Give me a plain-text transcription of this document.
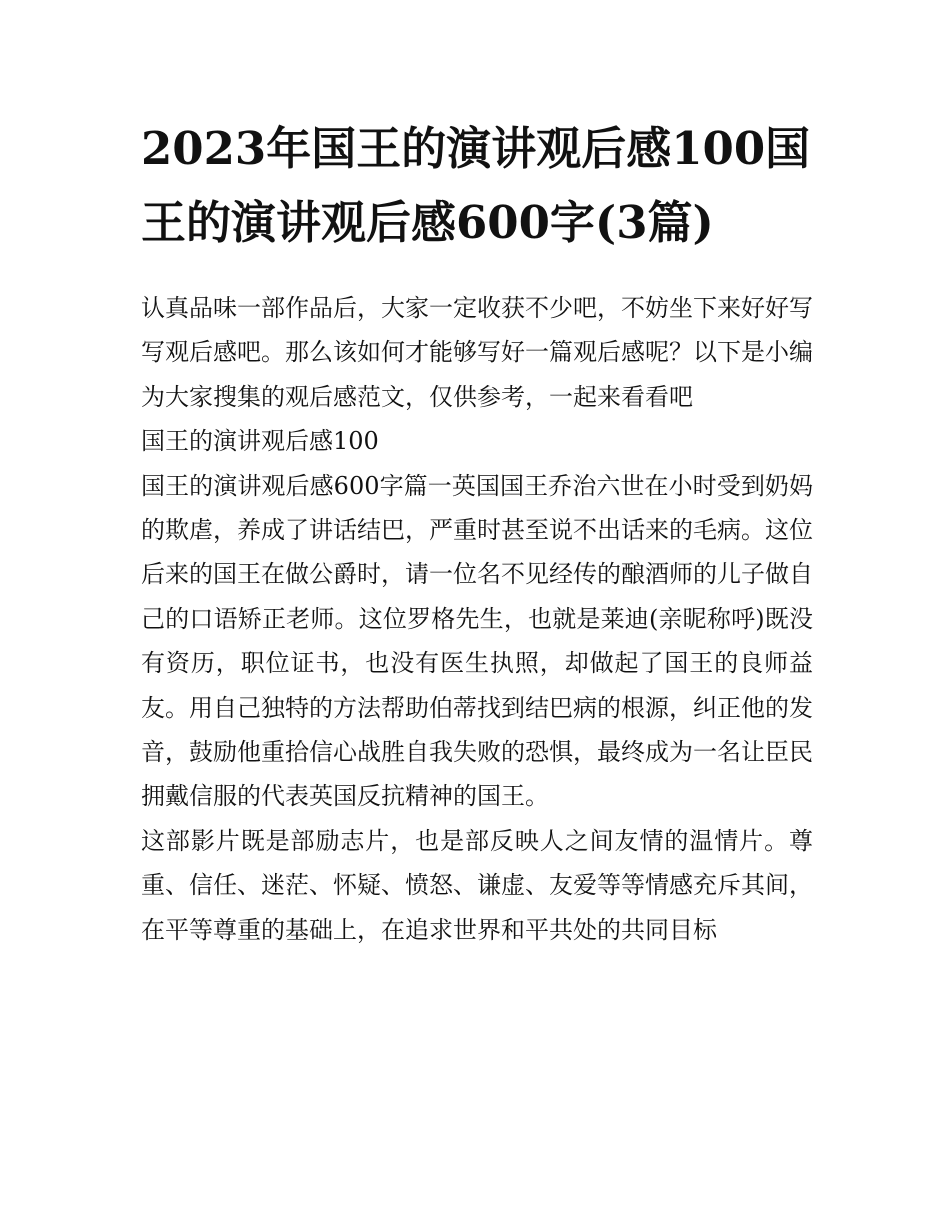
2023年国王的演讲观后感100国王的演讲观后感600字(3篇)

认真品味一部作品后，大家一定收获不少吧，不妨坐下来好好写写观后感吧。那么该如何才能够写好一篇观后感呢？以下是小编为大家搜集的观后感范文，仅供参考，一起来看看吧

国王的演讲观后感100

国王的演讲观后感600字篇一英国国王乔治六世在小时受到奶妈的欺虐，养成了讲话结巴，严重时甚至说不出话来的毛病。这位后来的国王在做公爵时，请一位名不见经传的酿酒师的儿子做自己的口语矫正老师。这位罗格先生，也就是莱迪(亲昵称呼)既没有资历，职位证书，也没有医生执照，却做起了国王的良师益友。用自己独特的方法帮助伯蒂找到结巴病的根源，纠正他的发音，鼓励他重拾信心战胜自我失败的恐惧，最终成为一名让臣民拥戴信服的代表英国反抗精神的国王。

这部影片既是部励志片，也是部反映人之间友情的温情片。尊重、信任、迷茫、怀疑、愤怒、谦虚、友爱等等情感充斥其间，在平等尊重的基础上，在追求世界和平共处的共同目标
